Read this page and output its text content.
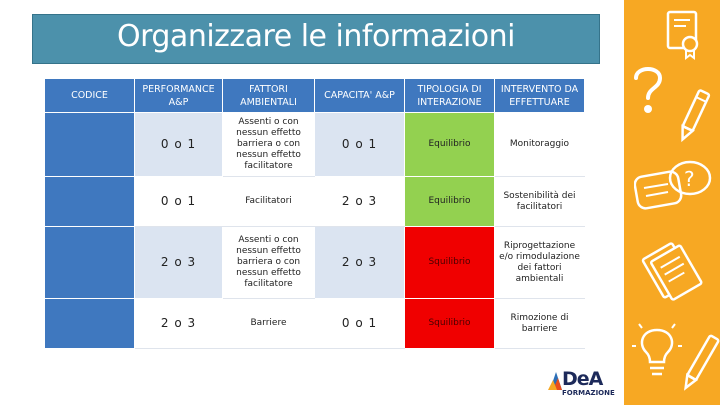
Organizzare le informazioni
CODICE	PERFORMANCE A&P	FATTORI AMBIENTALI	CAPACITA' A&P	TIPOLOGIA DI INTERAZIONE	INTERVENTO DA EFFETTUARE
	0 o 1	Assenti o con nessun effetto barriera o con nessun effetto facilitatore	0 o 1	Equilibrio	Monitoraggio
	0 o 1	Facilitatori	2 o 3	Equilibrio	Sostenibilità dei facilitatori
	2 o 3	Assenti o con nessun effetto barriera o con nessun effetto facilitatore	2 o 3	Squilibrio	Riprogettazione e/o rimodulazione dei fattori ambientali
	2 o 3	Barriere	0 o 1	Squilibrio	Rimozione di barriere
DeA
FORMAZIONE
?
